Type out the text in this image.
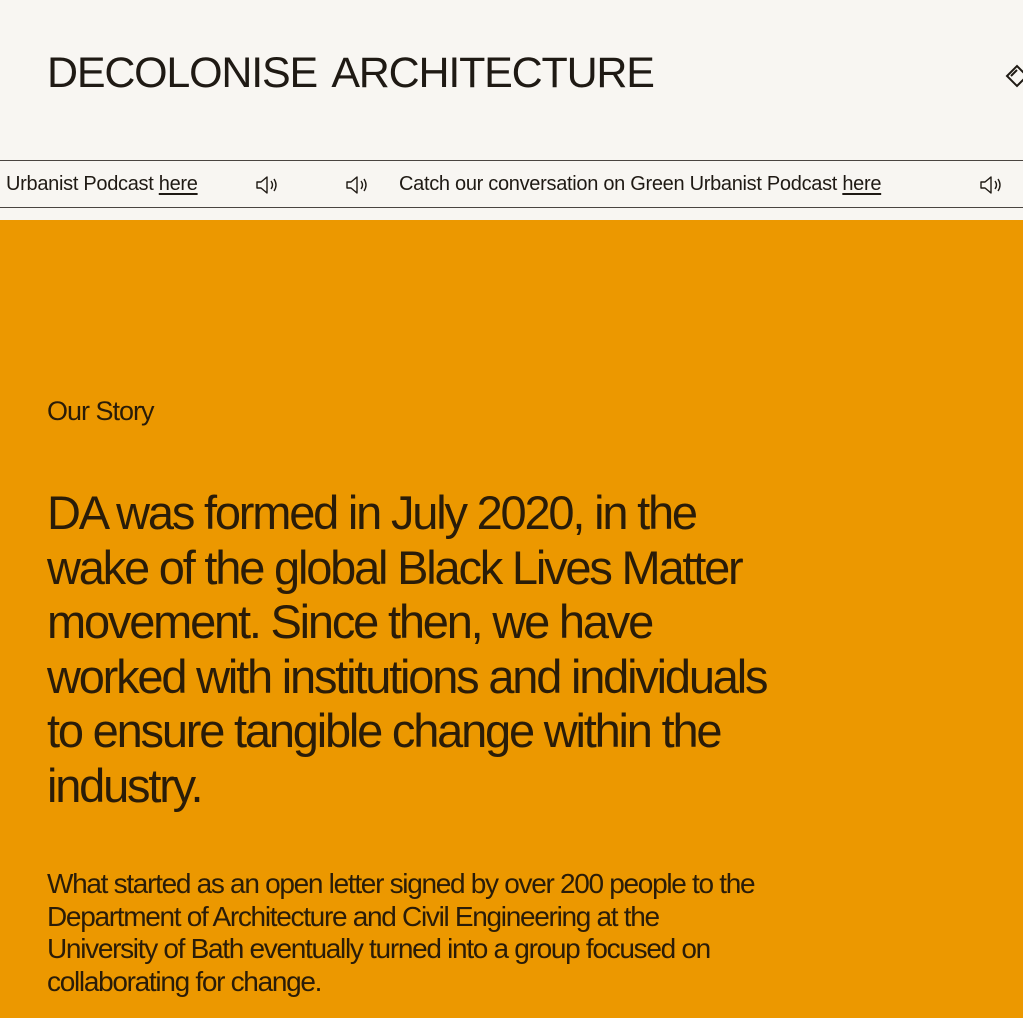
DECOLONISE ARCHITECTURE
Urbanist Podcast here	Catch our conversation on Green Urbanist Podcast here
Our Story
DA was formed in July 2020, in the wake of the global Black Lives Matter movement. Since then, we have worked with institutions and individuals to ensure tangible change within the industry.

What started as an open letter signed by over 200 people to the Department of Architecture and Civil Engineering at the University of Bath eventually turned into a group focused on collaborating for change.
